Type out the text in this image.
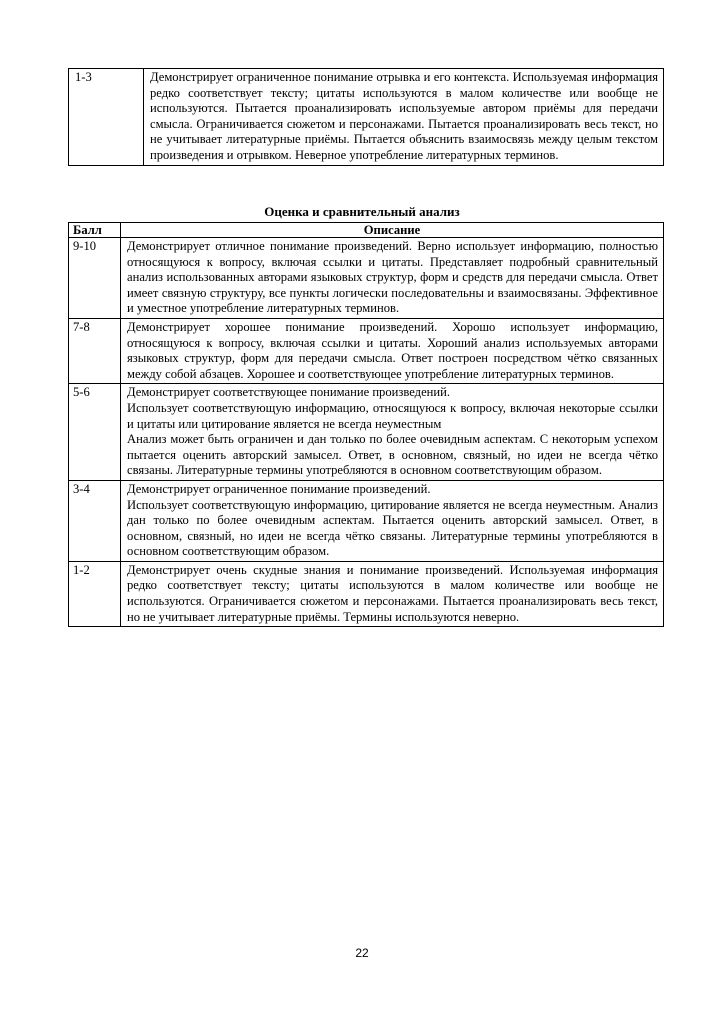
1-3	Демонстрирует ограниченное понимание отрывка и его контекста. Используемая информация редко соответствует тексту; цитаты используются в малом количестве или вообще не используются. Пытается проанализировать используемые автором приёмы для передачи смысла. Ограничивается сюжетом и персонажами. Пытается проанализировать весь текст, но не учитывает литературные приёмы. Пытается объяснить взаимосвязь между целым текстом произведения и отрывком. Неверное употребление литературных терминов.
Оценка и сравнительный анализ
Балл	Описание
9-10	Демонстрирует отличное понимание произведений. Верно использует информацию, полностью относящуюся к вопросу, включая ссылки и цитаты. Представляет подробный сравнительный анализ использованных авторами языковых структур, форм и средств для передачи смысла. Ответ имеет связную структуру, все пункты логически последовательны и взаимосвязаны. Эффективное и уместное употребление литературных терминов.

7-8	Демонстрирует хорошее понимание произведений. Хорошо использует информацию, относящуюся к вопросу, включая ссылки и цитаты. Хороший анализ используемых авторами языковых структур, форм для передачи смысла. Ответ построен посредством чётко связанных между собой абзацев. Хорошее и соответствующее употребление литературных терминов.

5-6	Демонстрирует соответствующее понимание произведений.
Использует соответствующую информацию, относящуюся к вопросу, включая некоторые ссылки и цитаты или цитирование является не всегда неуместным
Анализ может быть ограничен и дан только по более очевидным аспектам. С некоторым успехом пытается оценить авторский замысел. Ответ, в основном, связный, но идеи не всегда чётко связаны. Литературные термины употребляются в основном соответствующим образом.

3-4	Демонстрирует ограниченное понимание произведений.
Использует соответствующую информацию, цитирование является не всегда неуместным. Анализ дан только по более очевидным аспектам. Пытается оценить авторский замысел. Ответ, в основном, связный, но идеи не всегда чётко связаны. Литературные термины употребляются в основном соответствующим образом.

1-2	Демонстрирует очень скудные знания и понимание произведений. Используемая информация редко соответствует тексту; цитаты используются в малом количестве или вообще не используются. Ограничивается сюжетом и персонажами. Пытается проанализировать весь текст, но не учитывает литературные приёмы. Термины используются неверно.
22
